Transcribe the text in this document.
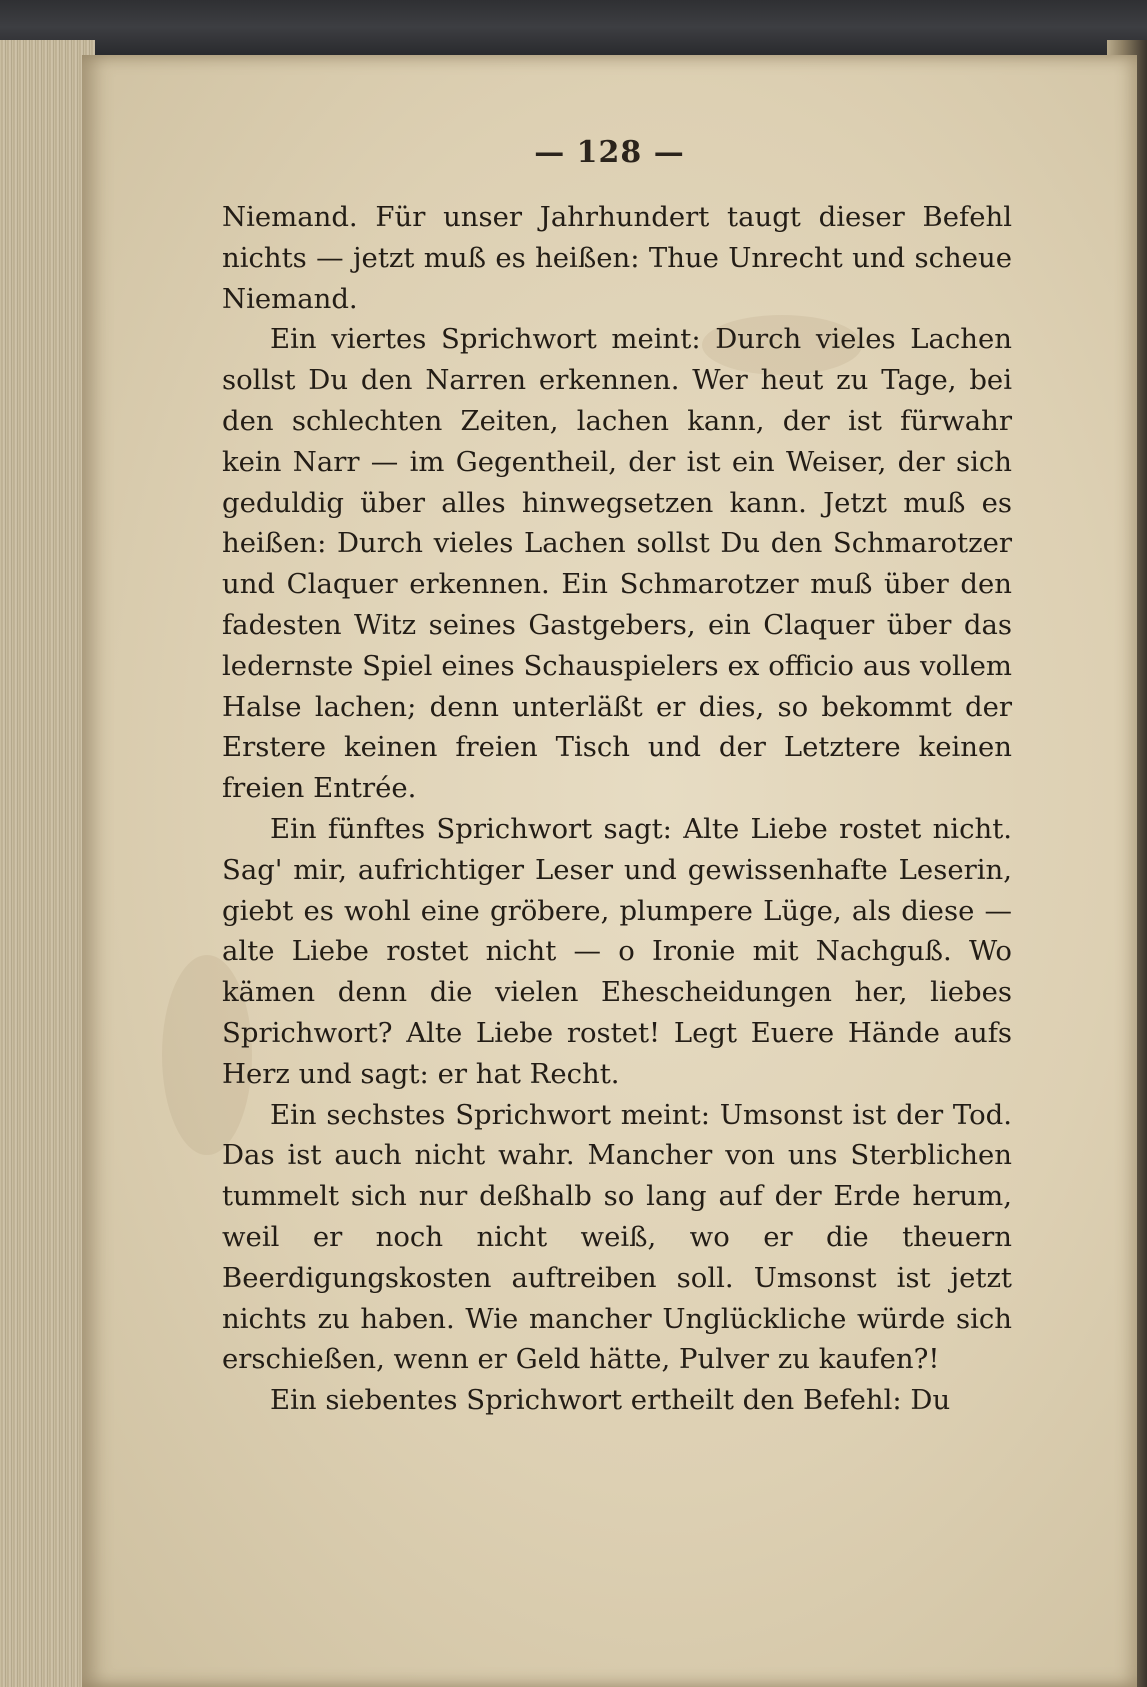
— 128 —

Niemand. Für unser Jahrhundert taugt dieser Befehl nichts — jetzt muß es heißen: Thue Unrecht und scheue Niemand.

Ein viertes Sprichwort meint: Durch vieles Lachen sollst Du den Narren erkennen. Wer heut zu Tage, bei den schlechten Zeiten, lachen kann, der ist fürwahr kein Narr — im Gegentheil, der ist ein Weiser, der sich geduldig über alles hinwegsetzen kann. Jetzt muß es heißen: Durch vieles Lachen sollst Du den Schmarotzer und Claquer erkennen. Ein Schmarotzer muß über den fadesten Witz seines Gastgebers, ein Claquer über das ledernste Spiel eines Schauspielers ex officio aus vollem Halse lachen; denn unterläßt er dies, so bekommt der Erstere keinen freien Tisch und der Letztere keinen freien Entrée.

Ein fünftes Sprichwort sagt: Alte Liebe rostet nicht. Sag' mir, aufrichtiger Leser und gewissenhafte Leserin, giebt es wohl eine gröbere, plumpere Lüge, als diese — alte Liebe rostet nicht — o Ironie mit Nachguß. Wo kämen denn die vielen Ehescheidungen her, liebes Sprichwort? Alte Liebe rostet! Legt Euere Hände aufs Herz und sagt: er hat Recht.

Ein sechstes Sprichwort meint: Umsonst ist der Tod. Das ist auch nicht wahr. Mancher von uns Sterblichen tummelt sich nur deßhalb so lang auf der Erde herum, weil er noch nicht weiß, wo er die theuern Beerdigungskosten auftreiben soll. Umsonst ist jetzt nichts zu haben. Wie mancher Unglückliche würde sich erschießen, wenn er Geld hätte, Pulver zu kaufen?!

Ein siebentes Sprichwort ertheilt den Befehl: Du
